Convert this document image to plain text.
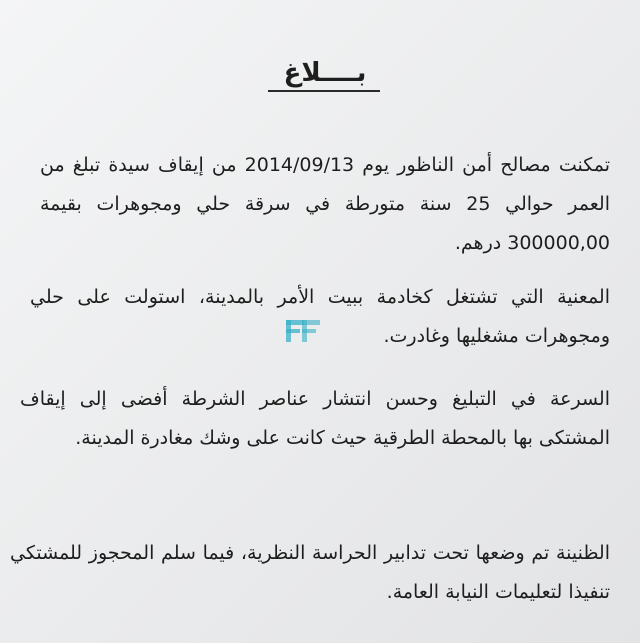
بــــلاغ

تمكنت مصالح أمن الناظور يوم 2014/09/13 من إيقاف سيدة تبلغ من العمر حوالي 25 سنة متورطة في سرقة حلي ومجوهرات بقيمة 300000,00 درهم.

المعنية التي تشتغل كخادمة ببيت الأمر بالمدينة، استولت على حلي ومجوهرات مشغليها وغادرت.

السرعة في التبليغ وحسن انتشار عناصر الشرطة أفضى إلى إيقاف المشتكى بها بالمحطة الطرقية حيث كانت على وشك مغادرة المدينة.

الظنينة تم وضعها تحت تدابير الحراسة النظرية، فيما سلم المحجوز للمشتكي تنفيذا لتعليمات النيابة العامة.
